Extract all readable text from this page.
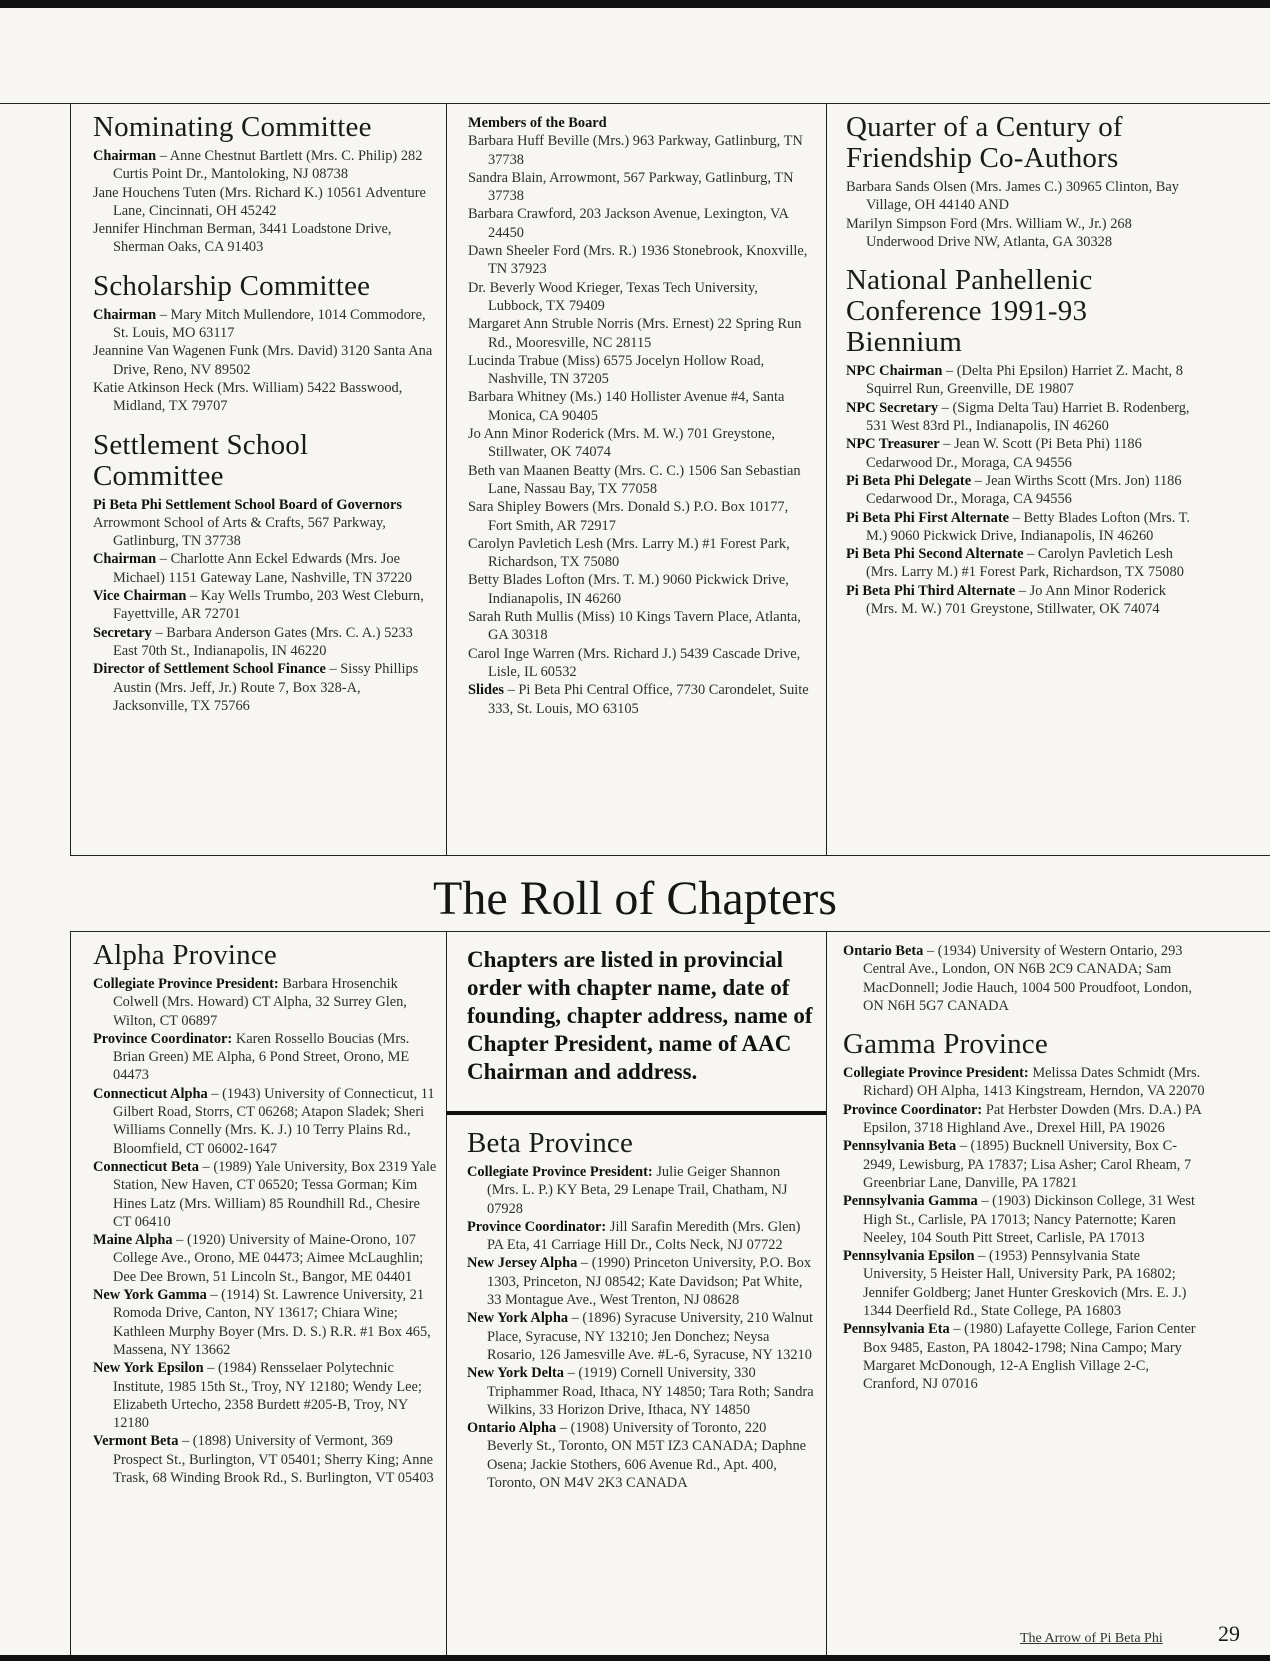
Nominating Committee

Chairman – Anne Chestnut Bartlett (Mrs. C. Philip) 282 Curtis Point Dr., Mantoloking, NJ 08738

Jane Houchens Tuten (Mrs. Richard K.) 10561 Adventure Lane, Cincinnati, OH 45242

Jennifer Hinchman Berman, 3441 Loadstone Drive, Sherman Oaks, CA 91403

Scholarship Committee

Chairman – Mary Mitch Mullendore, 1014 Commodore, St. Louis, MO 63117

Jeannine Van Wagenen Funk (Mrs. David) 3120 Santa Ana Drive, Reno, NV 89502

Katie Atkinson Heck (Mrs. William) 5422 Basswood, Midland, TX 79707

Settlement School Committee

Pi Beta Phi Settlement School Board of Governors

Arrowmont School of Arts & Crafts, 567 Parkway, Gatlinburg, TN 37738

Chairman – Charlotte Ann Eckel Edwards (Mrs. Joe Michael) 1151 Gateway Lane, Nashville, TN 37220

Vice Chairman – Kay Wells Trumbo, 203 West Cleburn, Fayettville, AR 72701

Secretary – Barbara Anderson Gates (Mrs. C. A.) 5233 East 70th St., Indianapolis, IN 46220

Director of Settlement School Finance – Sissy Phillips Austin (Mrs. Jeff, Jr.) Route 7, Box 328-A, Jacksonville, TX 75766

Members of the Board

Barbara Huff Beville (Mrs.) 963 Parkway, Gatlinburg, TN 37738

Sandra Blain, Arrowmont, 567 Parkway, Gatlinburg, TN 37738

Barbara Crawford, 203 Jackson Avenue, Lexington, VA 24450

Dawn Sheeler Ford (Mrs. R.) 1936 Stonebrook, Knoxville, TN 37923

Dr. Beverly Wood Krieger, Texas Tech University, Lubbock, TX 79409

Margaret Ann Struble Norris (Mrs. Ernest) 22 Spring Run Rd., Mooresville, NC 28115

Lucinda Trabue (Miss) 6575 Jocelyn Hollow Road, Nashville, TN 37205

Barbara Whitney (Ms.) 140 Hollister Avenue #4, Santa Monica, CA 90405

Jo Ann Minor Roderick (Mrs. M. W.) 701 Greystone, Stillwater, OK 74074

Beth van Maanen Beatty (Mrs. C. C.) 1506 San Sebastian Lane, Nassau Bay, TX 77058

Sara Shipley Bowers (Mrs. Donald S.) P.O. Box 10177, Fort Smith, AR 72917

Carolyn Pavletich Lesh (Mrs. Larry M.) #1 Forest Park, Richardson, TX 75080

Betty Blades Lofton (Mrs. T. M.) 9060 Pickwick Drive, Indianapolis, IN 46260

Sarah Ruth Mullis (Miss) 10 Kings Tavern Place, Atlanta, GA 30318

Carol Inge Warren (Mrs. Richard J.) 5439 Cascade Drive, Lisle, IL 60532

Slides – Pi Beta Phi Central Office, 7730 Carondelet, Suite 333, St. Louis, MO 63105

Quarter of a Century of Friendship Co-Authors

Barbara Sands Olsen (Mrs. James C.) 30965 Clinton, Bay Village, OH 44140 AND

Marilyn Simpson Ford (Mrs. William W., Jr.) 268 Underwood Drive NW, Atlanta, GA 30328

National Panhellenic Conference 1991-93 Biennium

NPC Chairman – (Delta Phi Epsilon) Harriet Z. Macht, 8 Squirrel Run, Greenville, DE 19807

NPC Secretary – (Sigma Delta Tau) Harriet B. Rodenberg, 531 West 83rd Pl., Indianapolis, IN 46260

NPC Treasurer – Jean W. Scott (Pi Beta Phi) 1186 Cedarwood Dr., Moraga, CA 94556

Pi Beta Phi Delegate – Jean Wirths Scott (Mrs. Jon) 1186 Cedarwood Dr., Moraga, CA 94556

Pi Beta Phi First Alternate – Betty Blades Lofton (Mrs. T. M.) 9060 Pickwick Drive, Indianapolis, IN 46260

Pi Beta Phi Second Alternate – Carolyn Pavletich Lesh (Mrs. Larry M.) #1 Forest Park, Richardson, TX 75080

Pi Beta Phi Third Alternate – Jo Ann Minor Roderick (Mrs. M. W.) 701 Greystone, Stillwater, OK 74074

The Roll of Chapters
Alpha Province

Collegiate Province President: Barbara Hrosenchik Colwell (Mrs. Howard) CT Alpha, 32 Surrey Glen, Wilton, CT 06897

Province Coordinator: Karen Rossello Boucias (Mrs. Brian Green) ME Alpha, 6 Pond Street, Orono, ME 04473

Connecticut Alpha – (1943) University of Connecticut, 11 Gilbert Road, Storrs, CT 06268; Atapon Sladek; Sheri Williams Connelly (Mrs. K. J.) 10 Terry Plains Rd., Bloomfield, CT 06002-1647

Connecticut Beta – (1989) Yale University, Box 2319 Yale Station, New Haven, CT 06520; Tessa Gorman; Kim Hines Latz (Mrs. William) 85 Roundhill Rd., Chesire CT 06410

Maine Alpha – (1920) University of Maine-Orono, 107 College Ave., Orono, ME 04473; Aimee McLaughlin; Dee Dee Brown, 51 Lincoln St., Bangor, ME 04401

New York Gamma – (1914) St. Lawrence University, 21 Romoda Drive, Canton, NY 13617; Chiara Wine; Kathleen Murphy Boyer (Mrs. D. S.) R.R. #1 Box 465, Massena, NY 13662

New York Epsilon – (1984) Rensselaer Polytechnic Institute, 1985 15th St., Troy, NY 12180; Wendy Lee; Elizabeth Urtecho, 2358 Burdett #205-B, Troy, NY 12180

Vermont Beta – (1898) University of Vermont, 369 Prospect St., Burlington, VT 05401; Sherry King; Anne Trask, 68 Winding Brook Rd., S. Burlington, VT 05403

Chapters are listed in provincial order with chapter name, date of founding, chapter address, name of Chapter President, name of AAC Chairman and address.

Beta Province

Collegiate Province President: Julie Geiger Shannon (Mrs. L. P.) KY Beta, 29 Lenape Trail, Chatham, NJ 07928

Province Coordinator: Jill Sarafin Meredith (Mrs. Glen) PA Eta, 41 Carriage Hill Dr., Colts Neck, NJ 07722

New Jersey Alpha – (1990) Princeton University, P.O. Box 1303, Princeton, NJ 08542; Kate Davidson; Pat White, 33 Montague Ave., West Trenton, NJ 08628

New York Alpha – (1896) Syracuse University, 210 Walnut Place, Syracuse, NY 13210; Jen Donchez; Neysa Rosario, 126 Jamesville Ave. #L-6, Syracuse, NY 13210

New York Delta – (1919) Cornell University, 330 Triphammer Road, Ithaca, NY 14850; Tara Roth; Sandra Wilkins, 33 Horizon Drive, Ithaca, NY 14850

Ontario Alpha – (1908) University of Toronto, 220 Beverly St., Toronto, ON M5T IZ3 CANADA; Daphne Osena; Jackie Stothers, 606 Avenue Rd., Apt. 400, Toronto, ON M4V 2K3 CANADA

Ontario Beta – (1934) University of Western Ontario, 293 Central Ave., London, ON N6B 2C9 CANADA; Sam MacDonnell; Jodie Hauch, 1004 500 Proudfoot, London, ON N6H 5G7 CANADA

Gamma Province

Collegiate Province President: Melissa Dates Schmidt (Mrs. Richard) OH Alpha, 1413 Kingstream, Herndon, VA 22070

Province Coordinator: Pat Herbster Dowden (Mrs. D.A.) PA Epsilon, 3718 Highland Ave., Drexel Hill, PA 19026

Pennsylvania Beta – (1895) Bucknell University, Box C-2949, Lewisburg, PA 17837; Lisa Asher; Carol Rheam, 7 Greenbriar Lane, Danville, PA 17821

Pennsylvania Gamma – (1903) Dickinson College, 31 West High St., Carlisle, PA 17013; Nancy Paternotte; Karen Neeley, 104 South Pitt Street, Carlisle, PA 17013

Pennsylvania Epsilon – (1953) Pennsylvania State University, 5 Heister Hall, University Park, PA 16802; Jennifer Goldberg; Janet Hunter Greskovich (Mrs. E. J.) 1344 Deerfield Rd., State College, PA 16803

Pennsylvania Eta – (1980) Lafayette College, Farion Center Box 9485, Easton, PA 18042-1798; Nina Campo; Mary Margaret McDonough, 12-A English Village 2-C, Cranford, NJ 07016

The Arrow of Pi Beta Phi	29
